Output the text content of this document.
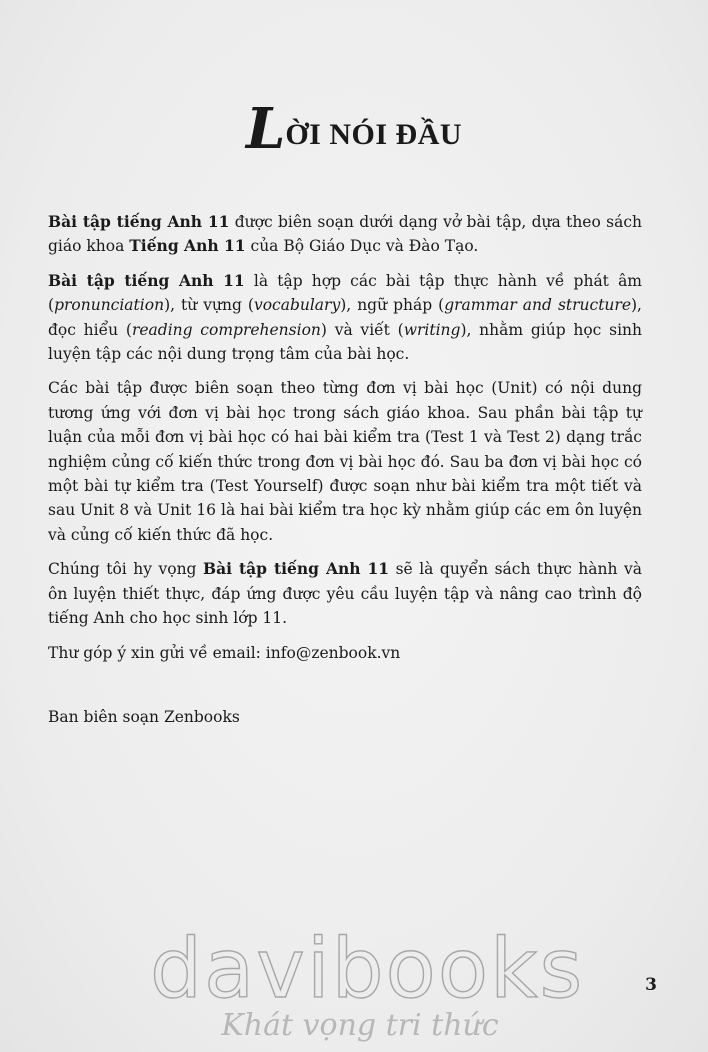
LỜI NÓI ĐẦU

Bài tập tiếng Anh 11 được biên soạn dưới dạng vở bài tập, dựa theo sách giáo khoa Tiếng Anh 11 của Bộ Giáo Dục và Đào Tạo.

Bài tập tiếng Anh 11 là tập hợp các bài tập thực hành về phát âm (pronunciation), từ vựng (vocabulary), ngữ pháp (grammar and structure), đọc hiểu (reading comprehension) và viết (writing), nhằm giúp học sinh luyện tập các nội dung trọng tâm của bài học.

Các bài tập được biên soạn theo từng đơn vị bài học (Unit) có nội dung tương ứng với đơn vị bài học trong sách giáo khoa. Sau phần bài tập tự luận của mỗi đơn vị bài học có hai bài kiểm tra (Test 1 và Test 2) dạng trắc nghiệm củng cố kiến thức trong đơn vị bài học đó. Sau ba đơn vị bài học có một bài tự kiểm tra (Test Yourself) được soạn như bài kiểm tra một tiết và sau Unit 8 và Unit 16 là hai bài kiểm tra học kỳ nhằm giúp các em ôn luyện và củng cố kiến thức đã học.

Chúng tôi hy vọng Bài tập tiếng Anh 11 sẽ là quyển sách thực hành và ôn luyện thiết thực, đáp ứng được yêu cầu luyện tập và nâng cao trình độ tiếng Anh cho học sinh lớp 11.

Thư góp ý xin gửi về email: info@zenbook.vn

Ban biên soạn Zenbooks

3
davibooks
Khát vọng tri thức
